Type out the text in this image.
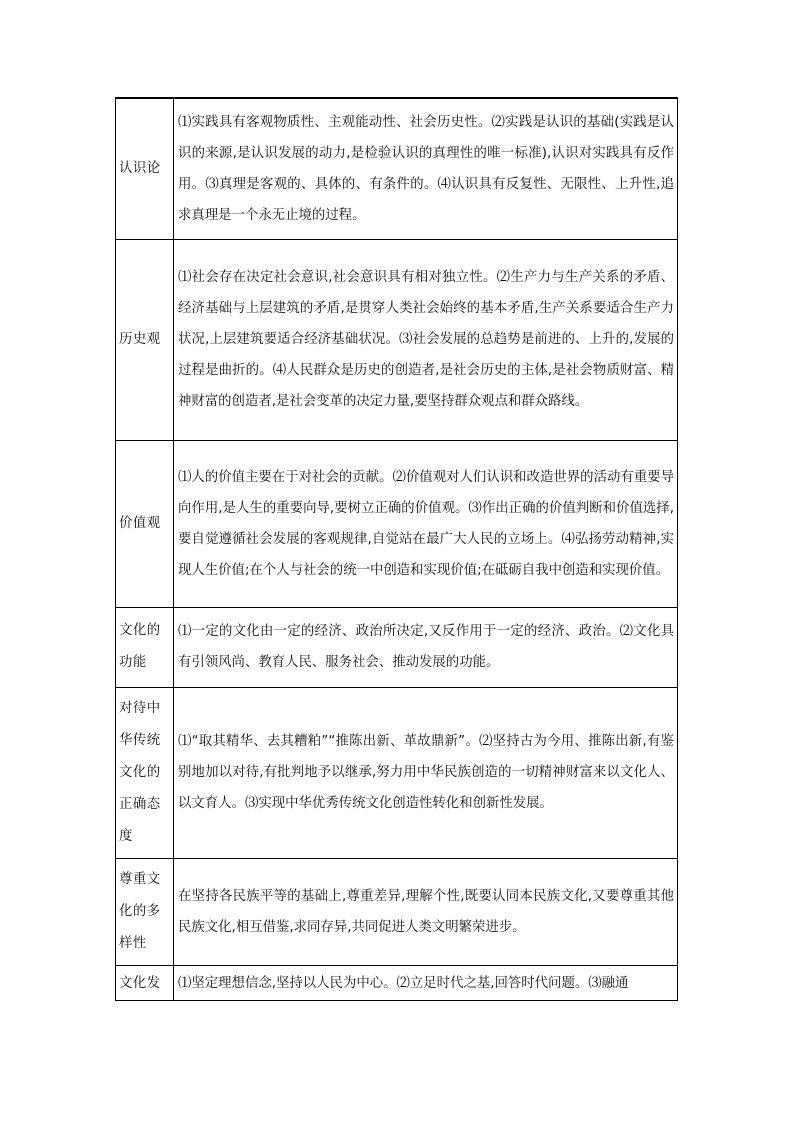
认识论	⑴实践具有客观物质性、主观能动性、社会历史性。⑵实践是认识的基础(实践是认识的来源,是认识发展的动力,是检验认识的真理性的唯一标准),认识对实践具有反作用。⑶真理是客观的、具体的、有条件的。⑷认识具有反复性、无限性、上升性,追求真理是一个永无止境的过程。
历史观	⑴社会存在决定社会意识,社会意识具有相对独立性。⑵生产力与生产关系的矛盾、经济基础与上层建筑的矛盾,是贯穿人类社会始终的基本矛盾,生产关系要适合生产力状况,上层建筑要适合经济基础状况。⑶社会发展的总趋势是前进的、上升的,发展的过程是曲折的。⑷人民群众是历史的创造者,是社会历史的主体,是社会物质财富、精神财富的创造者,是社会变革的决定力量,要坚持群众观点和群众路线。
价值观	⑴人的价值主要在于对社会的贡献。⑵价值观对人们认识和改造世界的活动有重要导向作用,是人生的重要向导,要树立正确的价值观。⑶作出正确的价值判断和价值选择,要自觉遵循社会发展的客观规律,自觉站在最广大人民的立场上。⑷弘扬劳动精神,实现人生价值;在个人与社会的统一中创造和实现价值;在砥砺自我中创造和实现价值。
文化的功能	⑴一定的文化由一定的经济、政治所决定,又反作用于一定的经济、政治。⑵文化具有引领风尚、教育人民、服务社会、推动发展的功能。
对待中华传统文化的正确态度	⑴“取其精华、去其糟粕”“推陈出新、革故鼎新”。⑵坚持古为今用、推陈出新,有鉴别地加以对待,有批判地予以继承,努力用中华民族创造的一切精神财富来以文化人、以文育人。⑶实现中华优秀传统文化创造性转化和创新性发展。
尊重文化的多样性	在坚持各民族平等的基础上,尊重差异,理解个性,既要认同本民族文化,又要尊重其他民族文化,相互借鉴,求同存异,共同促进人类文明繁荣进步。

文化发	⑴坚定理想信念,坚持以人民为中心。⑵立足时代之基,回答时代问题。⑶融通
